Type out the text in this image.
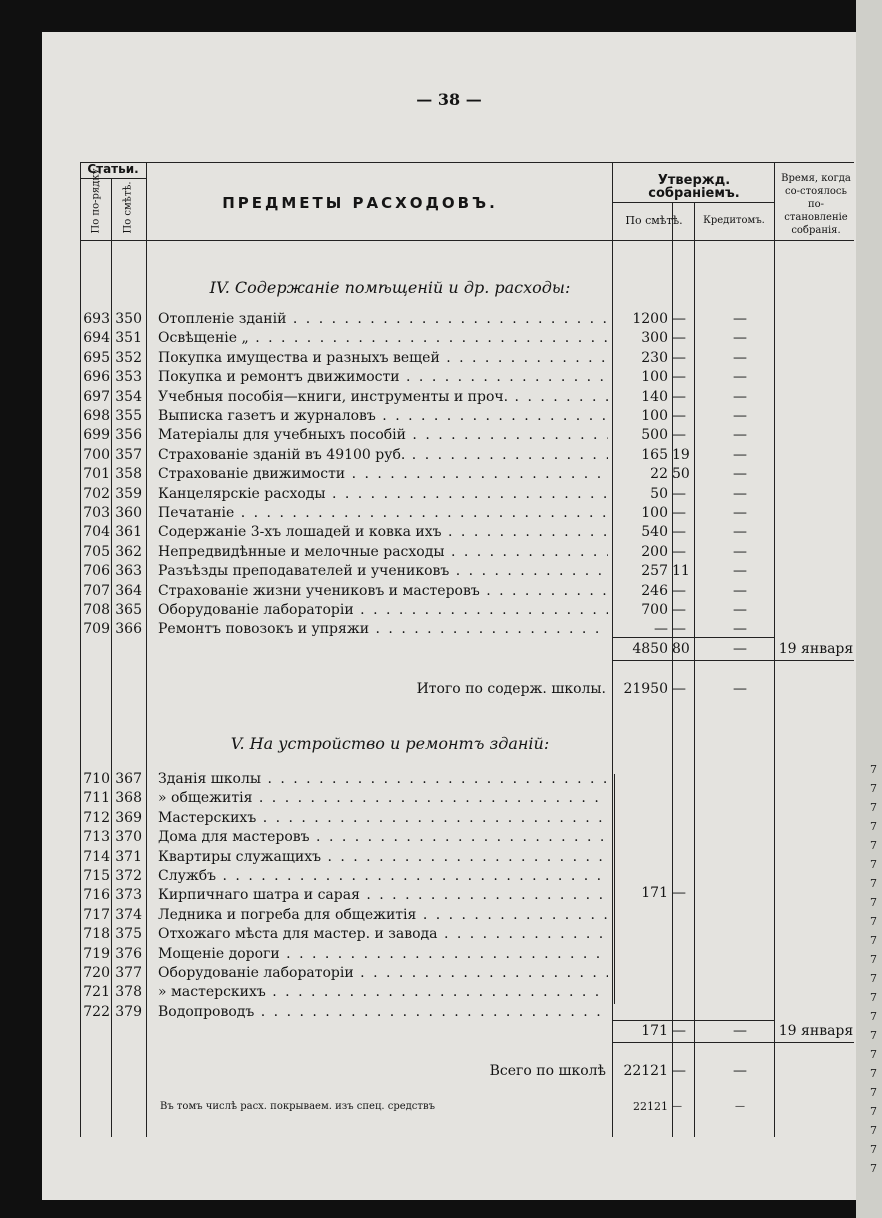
7 7 7 7 7 7 7 7 7 7 7 7 7 7 7 7 7 7 7 7 7 7
— 38 —
Статьи.
По по-рядку. По смѣтѣ.	ПРЕДМЕТЫ РАСХОДОВЪ.
Утвержд. собраніемъ.
По смѣтѣ.	Кредитомъ.
Время, когда со-стоялось по-становленіе собранія.
IV. Содержаніе помѣщеній и др. расходы:
693 350 Отопленіе зданій . . .	1200 —	—
694 351 Освѣщеніе „ . . .	300 —	—
695 352 Покупка имущества и разныхъ вещей . . .	230 —	—
696 353 Покупка и ремонтъ движимости . . .	100 —	—
697 354 Учебныя пособія—книги, инструменты и проч. . . .	140 —	—
698 355 Выписка газетъ и журналовъ . . .	100 —	—
699 356 Матеріалы для учебныхъ пособій . . .	500 —	—
700 357 Страхованіе зданій въ 49100 руб. . . .	165 19	—
701 358 Страхованіе движимости . . .	22 50	—
702 359 Канцелярскіе расходы . . .	50 —	—
703 360 Печатаніе . . .	100 —	—
704 361 Содержаніе 3-хъ лошадей и ковка ихъ . . .	540 —	—
705 362 Непредвидѣнные и мелочные расходы . . .	200 —	—
706 363 Разъѣзды преподавателей и учениковъ . . .	257 11	—
707 364 Страхованіе жизни учениковъ и мастеровъ . . .	246 —	—
708 365 Оборудованіе лабораторіи . . .	700 —	—
709 366 Ремонтъ повозокъ и упряжи . . .	— —	—
4850 80	—	19 января
Итого по содерж. школы. 21950 —	—
V. На устройство и ремонтъ зданій:
710 367 Зданія школы . . .
711 368 » общежитія . . .
712 369 Мастерскихъ . . .
713 370 Дома для мастеровъ . . .
714 371 Квартиры служащихъ . . .
715 372 Службъ . . .
716 373 Кирпичнаго шатра и сарая . . .
717 374 Ледника и погреба для общежитія . . .
718 375 Отхожаго мѣста для мастер. и завода . . .
719 376 Мощеніе дороги . . .
720 377 Оборудованіе лабораторіи . . .
721 378 » мастерскихъ . . .
722 379 Водопроводъ . . .
171 —
171 —	—	19 января
Всего по школѣ 22121 —	—
Въ томъ числѣ расх. покрываем. изъ спец. средствъ	22121 —	—
